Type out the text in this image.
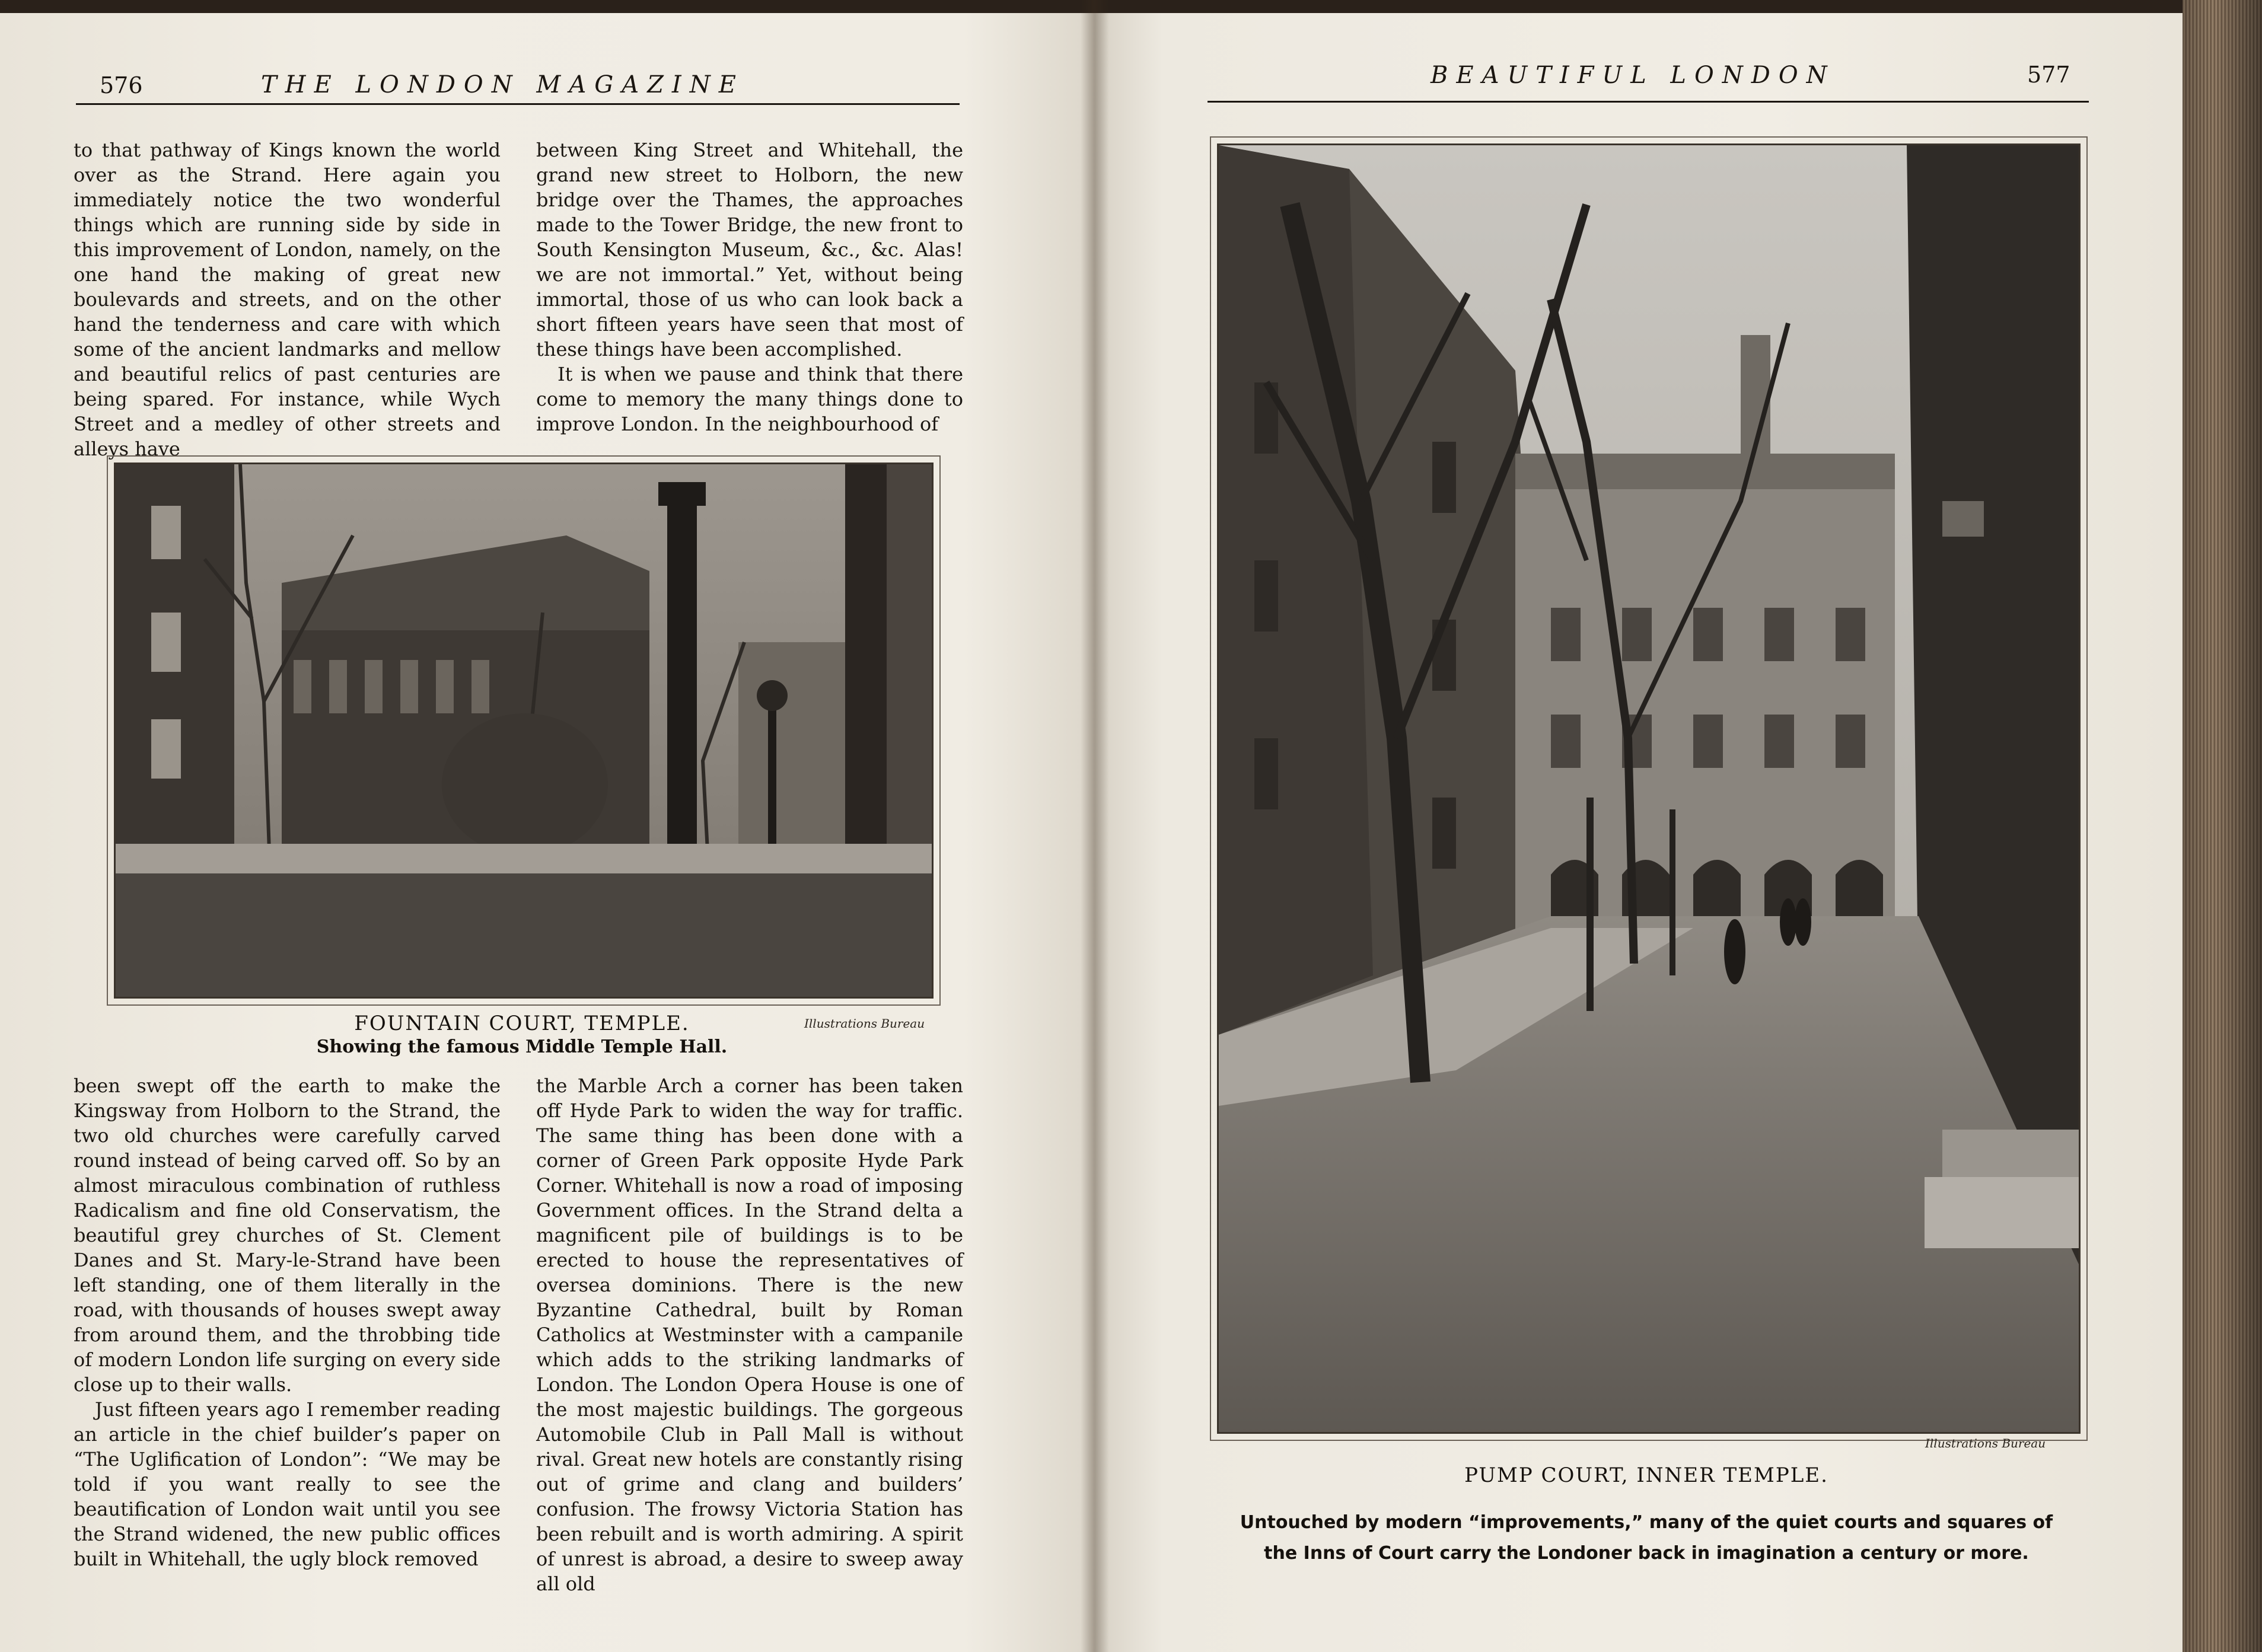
576	THE LONDON MAGAZINE

to that pathway of Kings known the world over as the Strand. Here again you immediately notice the two wonderful things which are running side by side in this improvement of London, namely, on the one hand the making of great new boulevards and streets, and on the other hand the tenderness and care with which some of the ancient landmarks and mellow and beautiful relics of past centuries are being spared. For instance, while Wych Street and a medley of other streets and alleys have

between King Street and Whitehall, the grand new street to Holborn, the new bridge over the Thames, the approaches made to the Tower Bridge, the new front to South Kensington Museum, &c., &c. Alas! we are not immortal.” Yet, without being immortal, those of us who can look back a short fifteen years have seen that most of these things have been accomplished.

It is when we pause and think that there come to memory the many things done to improve London. In the neighbourhood of

FOUNTAIN COURT, TEMPLE.	Illustrations Bureau
Showing the famous Middle Temple Hall.

been swept off the earth to make the Kingsway from Holborn to the Strand, the two old churches were carefully carved round instead of being carved off. So by an almost miraculous combination of ruthless Radicalism and fine old Conservatism, the beautiful grey churches of St. Clement Danes and St. Mary-le-Strand have been left standing, one of them literally in the road, with thousands of houses swept away from around them, and the throbbing tide of modern London life surging on every side close up to their walls.

Just fifteen years ago I remember reading an article in the chief builder’s paper on “The Uglification of London”: “We may be told if you want really to see the beautification of London wait until you see the Strand widened, the new public offices built in Whitehall, the ugly block removed

the Marble Arch a corner has been taken off Hyde Park to widen the way for traffic. The same thing has been done with a corner of Green Park opposite Hyde Park Corner. Whitehall is now a road of imposing Government offices. In the Strand delta a magnificent pile of buildings is to be erected to house the representatives of oversea dominions. There is the new Byzantine Cathedral, built by Roman Catholics at Westminster with a campanile which adds to the striking landmarks of London. The London Opera House is one of the most majestic buildings. The gorgeous Automobile Club in Pall Mall is without rival. Great new hotels are constantly rising out of grime and clang and builders’ confusion. The frowsy Victoria Station has been rebuilt and is worth admiring. A spirit of unrest is abroad, a desire to sweep away all old

BEAUTIFUL LONDON	577
Illustrations Bureau
PUMP COURT, INNER TEMPLE.
Untouched by modern “improvements,” many of the quiet courts and squares of
the Inns of Court carry the Londoner back in imagination a century or more.
